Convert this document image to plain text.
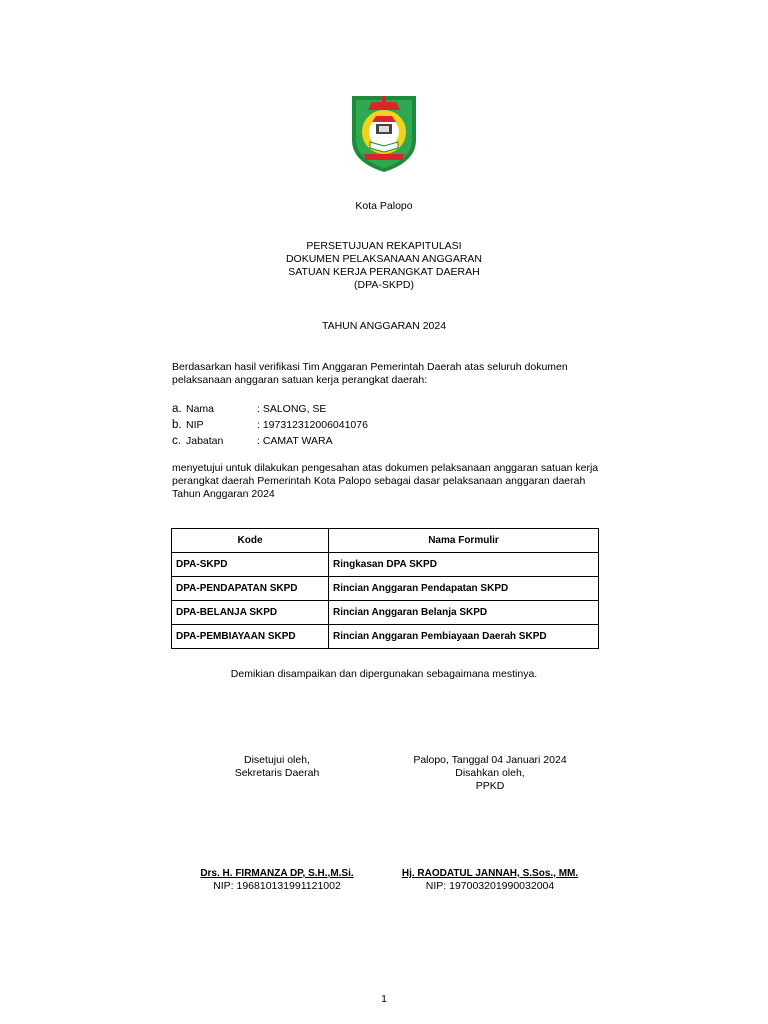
Kota Palopo
PERSETUJUAN REKAPITULASI
DOKUMEN PELAKSANAAN ANGGARAN
SATUAN KERJA PERANGKAT DAERAH
(DPA-SKPD)
TAHUN ANGGARAN 2024
Berdasarkan hasil verifikasi Tim Anggaran Pemerintah Daerah atas seluruh dokumen pelaksanaan anggaran satuan kerja perangkat daerah:
a. Nama	: SALONG, SE
b. NIP	: 197312312006041076
c. Jabatan	: CAMAT WARA
menyetujui untuk dilakukan pengesahan atas dokumen pelaksanaan anggaran satuan kerja perangkat daerah Pemerintah Kota Palopo sebagai dasar pelaksanaan anggaran daerah Tahun Anggaran 2024
Kode	Nama Formulir
DPA-SKPD	Ringkasan DPA SKPD
DPA-PENDAPATAN SKPD	Rincian Anggaran Pendapatan SKPD
DPA-BELANJA SKPD	Rincian Anggaran Belanja SKPD
DPA-PEMBIAYAAN SKPD	Rincian Anggaran Pembiayaan Daerah SKPD
Demikian disampaikan dan dipergunakan sebagaimana mestinya.
Disetujui oleh,
Sekretaris Daerah
Palopo, Tanggal 04 Januari 2024
Disahkan oleh,
PPKD
Drs. H. FIRMANZA DP, S.H.,M.Si.
NIP: 196810131991121002
Hj. RAODATUL JANNAH, S.Sos., MM.
NIP: 197003201990032004
1
